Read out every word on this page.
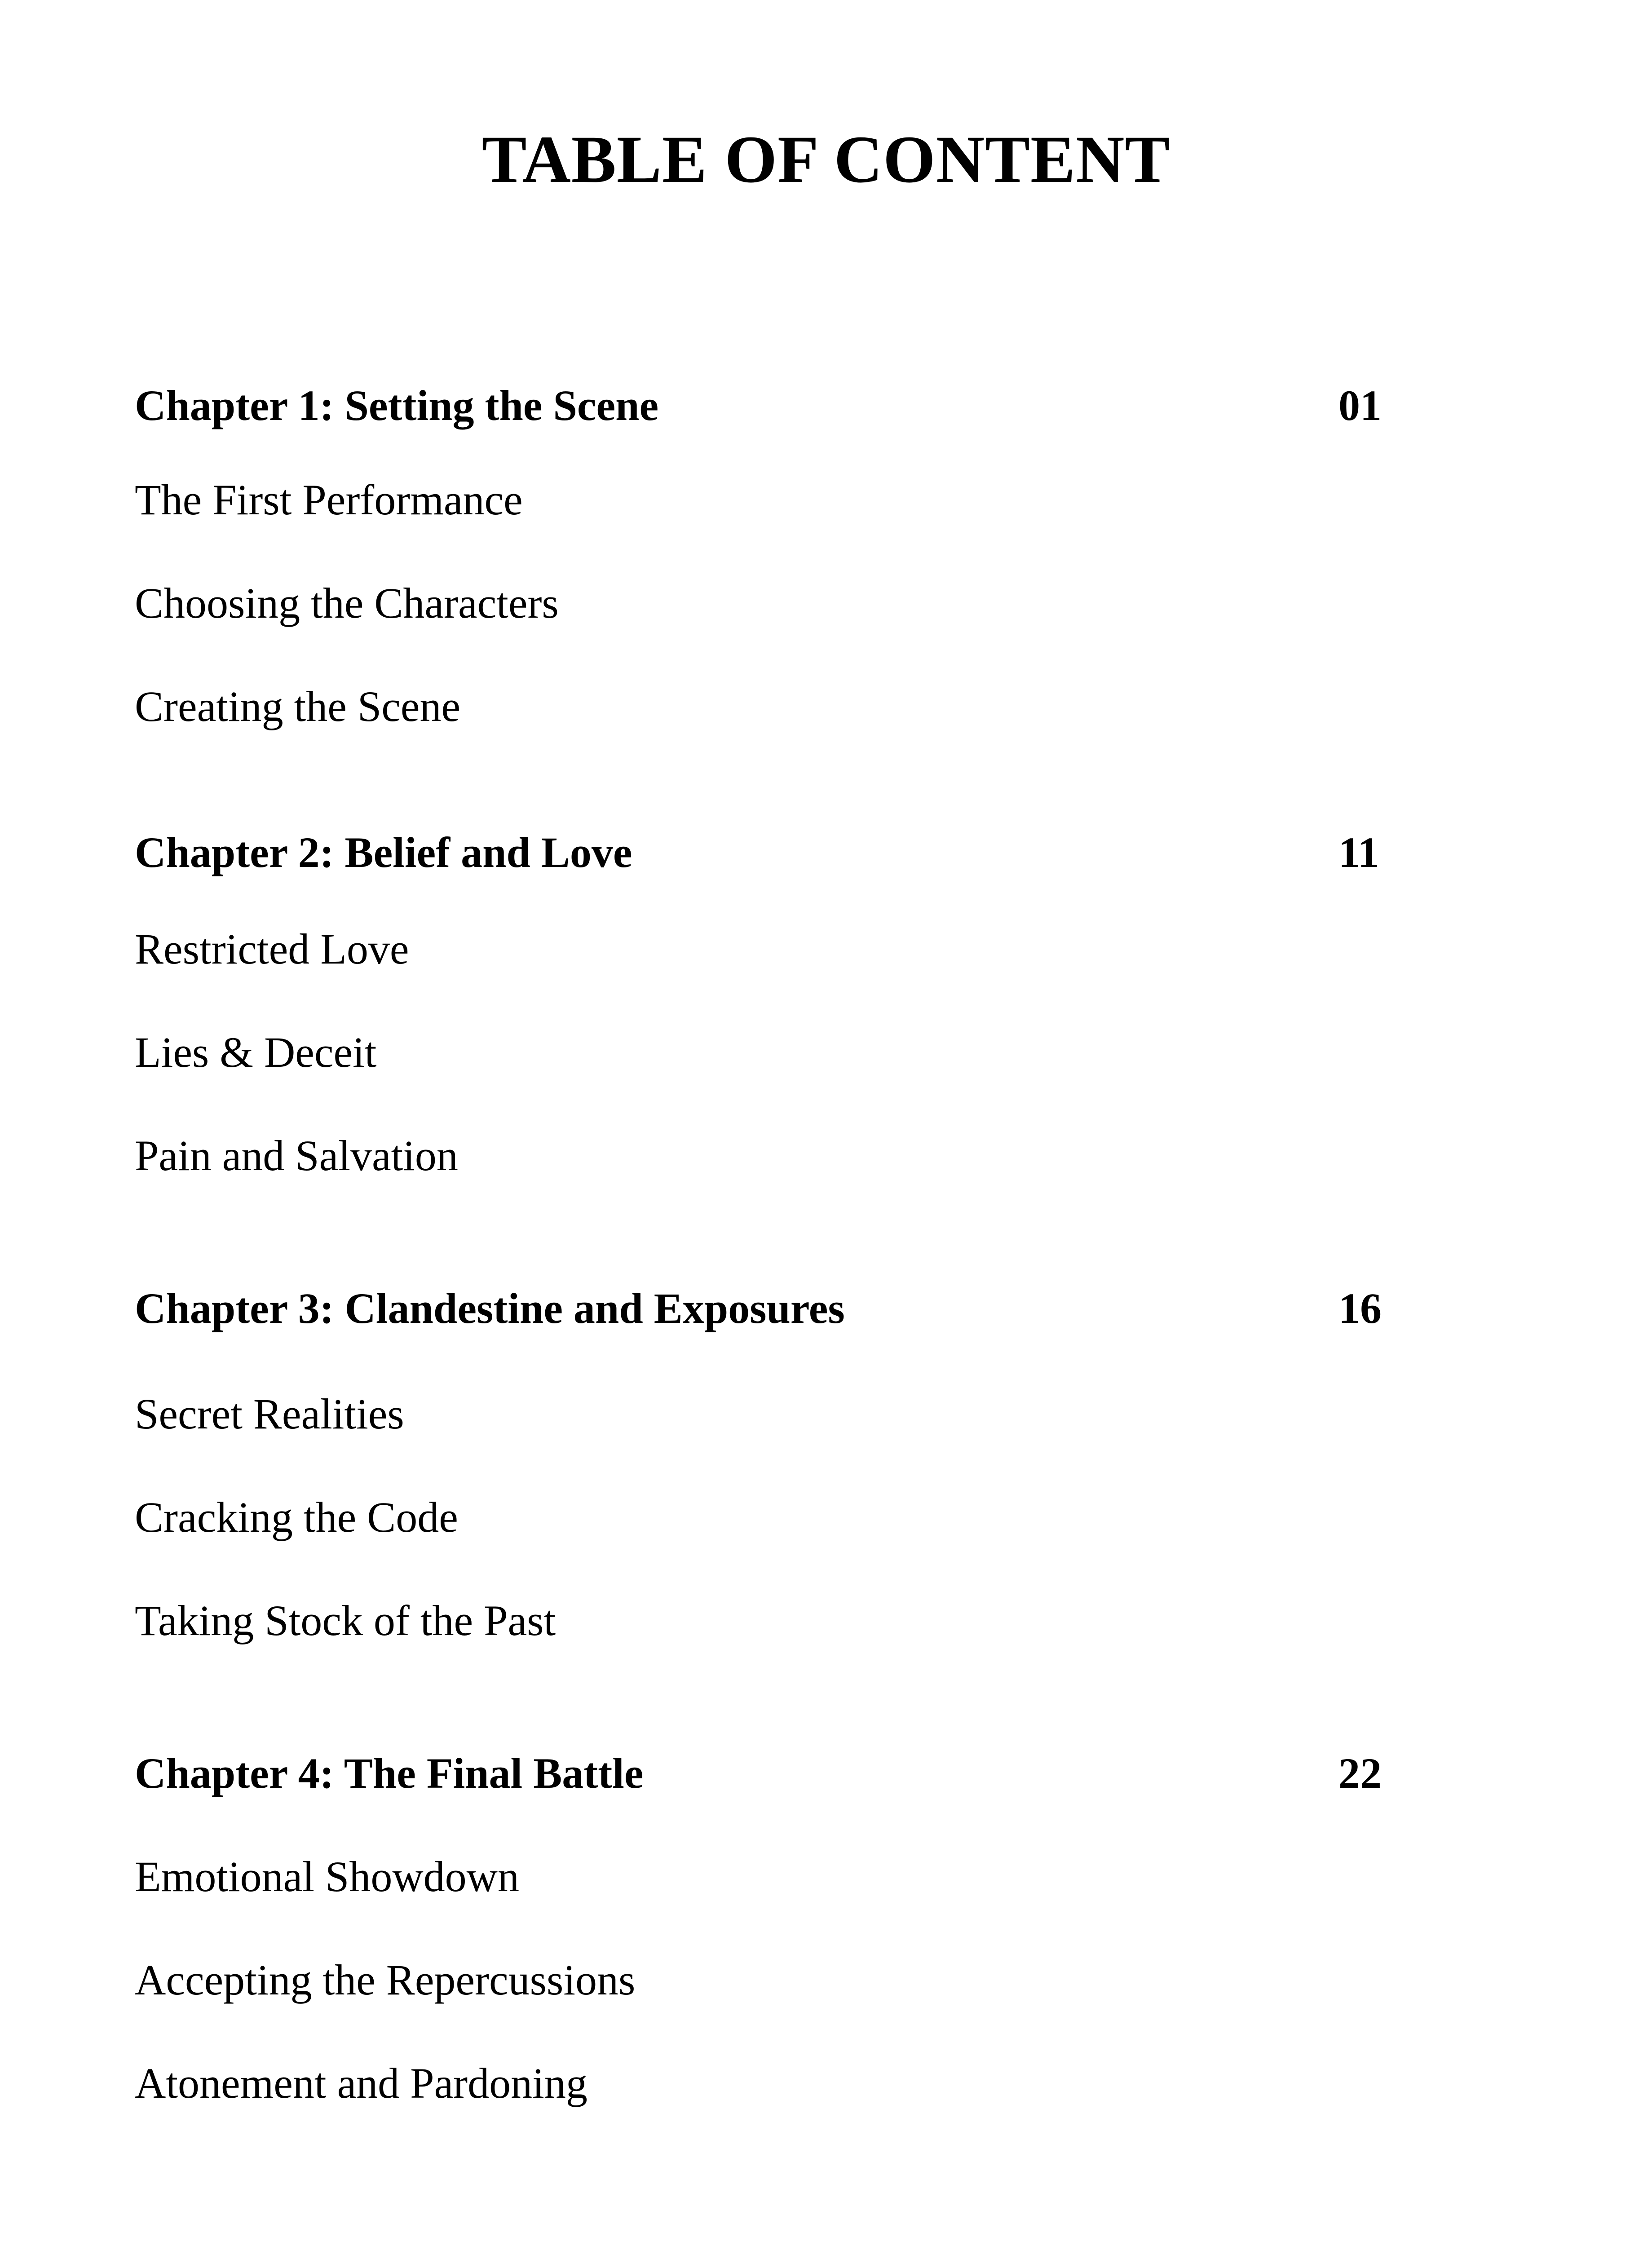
TABLE OF CONTENT
Chapter 1: Setting the Scene	01
The First Performance
Choosing the Characters
Creating the Scene
Chapter 2: Belief and Love	11
Restricted Love
Lies & Deceit
Pain and Salvation
Chapter 3: Clandestine and Exposures	16
Secret Realities
Cracking the Code
Taking Stock of the Past
Chapter 4: The Final Battle	22
Emotional Showdown
Accepting the Repercussions
Atonement and Pardoning
